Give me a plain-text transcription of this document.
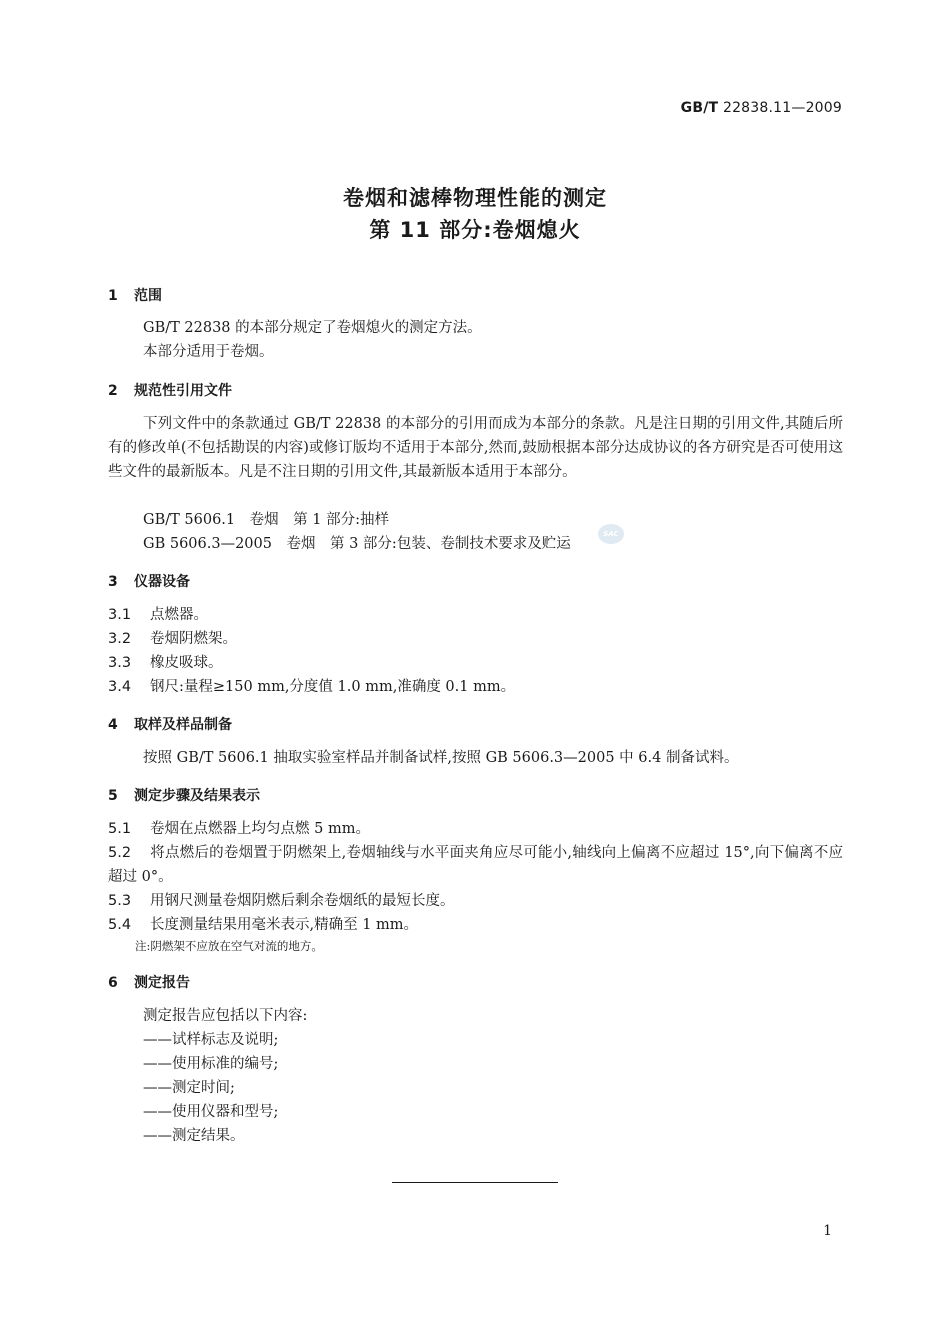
GB/T 22838.11—2009
卷烟和滤棒物理性能的测定
第 11 部分:卷烟熄火
1 范围
GB/T 22838 的本部分规定了卷烟熄火的测定方法。
本部分适用于卷烟。
2 规范性引用文件
下列文件中的条款通过 GB/T 22838 的本部分的引用而成为本部分的条款。凡是注日期的引用文件,其随后所有的修改单(不包括勘误的内容)或修订版均不适用于本部分,然而,鼓励根据本部分达成协议的各方研究是否可使用这些文件的最新版本。凡是不注日期的引用文件,其最新版本适用于本部分。
GB/T 5606.1　卷烟　第 1 部分:抽样
GB 5606.3—2005　卷烟　第 3 部分:包装、卷制技术要求及贮运
SAC
3 仪器设备
3.1 点燃器。
3.2 卷烟阴燃架。
3.3 橡皮吸球。
3.4 钢尺:量程≥150 mm,分度值 1.0 mm,准确度 0.1 mm。
4 取样及样品制备
按照 GB/T 5606.1 抽取实验室样品并制备试样,按照 GB 5606.3—2005 中 6.4 制备试料。
5 测定步骤及结果表示
5.1 卷烟在点燃器上均匀点燃 5 mm。
5.2 将点燃后的卷烟置于阴燃架上,卷烟轴线与水平面夹角应尽可能小,轴线向上偏离不应超过 15°,向下偏离不应超过 0°。
5.3 用钢尺测量卷烟阴燃后剩余卷烟纸的最短长度。
5.4 长度测量结果用毫米表示,精确至 1 mm。
注:阴燃架不应放在空气对流的地方。
6 测定报告
测定报告应包括以下内容:
——试样标志及说明;
——使用标准的编号;
——测定时间;
——使用仪器和型号;
——测定结果。
1
